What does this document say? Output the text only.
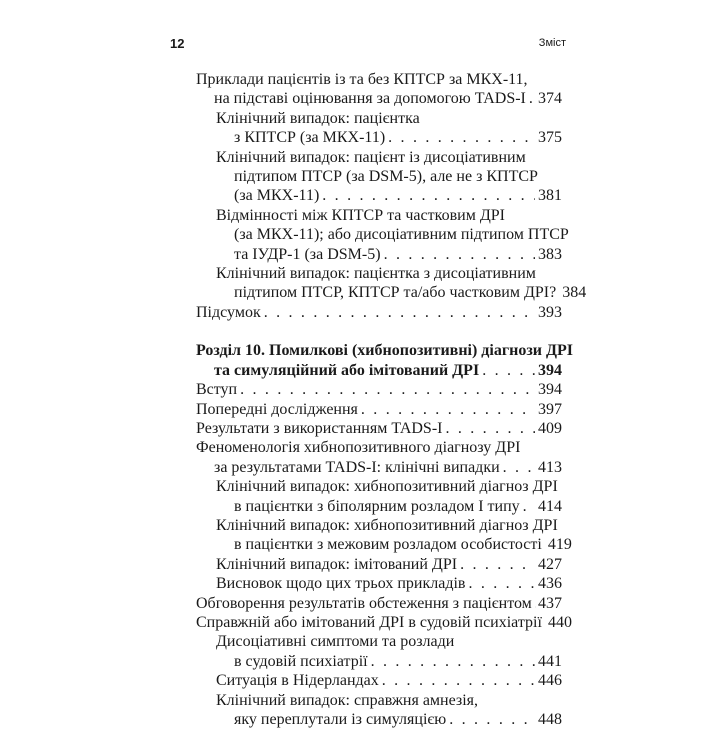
12	Зміст
Приклади пацієнтів із та без КПТСР за МКХ-11,
на підставі оцінювання за допомогою TADS-I . . . 374
Клінічний випадок: пацієнтка
з КПТСР (за МКХ-11) . . .	375
Клінічний випадок: пацієнт із дисоціативним
підтипом ПТСР (за DSM-5), але не з КПТСР
(за МКХ-11) . . .	381
Відмінності між КПТСР та частковим ДРІ
(за МКХ-11); або дисоціативним підтипом ПТСР
та ІУДР-1 (за DSM-5) . . .	383
Клінічний випадок: пацієнтка з дисоціативним
підтипом ПТСР, КПТСР та/або частковим ДРІ? 384
Підсумок . . .	393
Розділ 10. Помилкові (хибнопозитивні) діагнози ДРІ
та симуляційний або імітований ДРІ . . .	394
Вступ . . .	394
Попередні дослідження . . .	397
Результати з використанням TADS-I . . .	409
Феноменологія хибнопозитивного діагнозу ДРІ
за результатами TADS-I: клінічні випадки . . . 413
Клінічний випадок: хибнопозитивний діагноз ДРІ
в пацієнтки з біполярним розладом І типу . . . 414
Клінічний випадок: хибнопозитивний діагноз ДРІ
в пацієнтки з межовим розладом особистості 419
Клінічний випадок: імітований ДРІ . . .	427
Висновок щодо цих трьох прикладів . . .	436
Обговорення результатів обстеження з пацієнтом . . . 437
Справжній або імітований ДРІ в судовій психіатрії 440
Дисоціативні симптоми та розлади
в судовій психіатрії . . .	441
Ситуація в Нідерландах . . .	446
Клінічний випадок: справжня амнезія,
яку переплутали із симуляцією . . .	448
